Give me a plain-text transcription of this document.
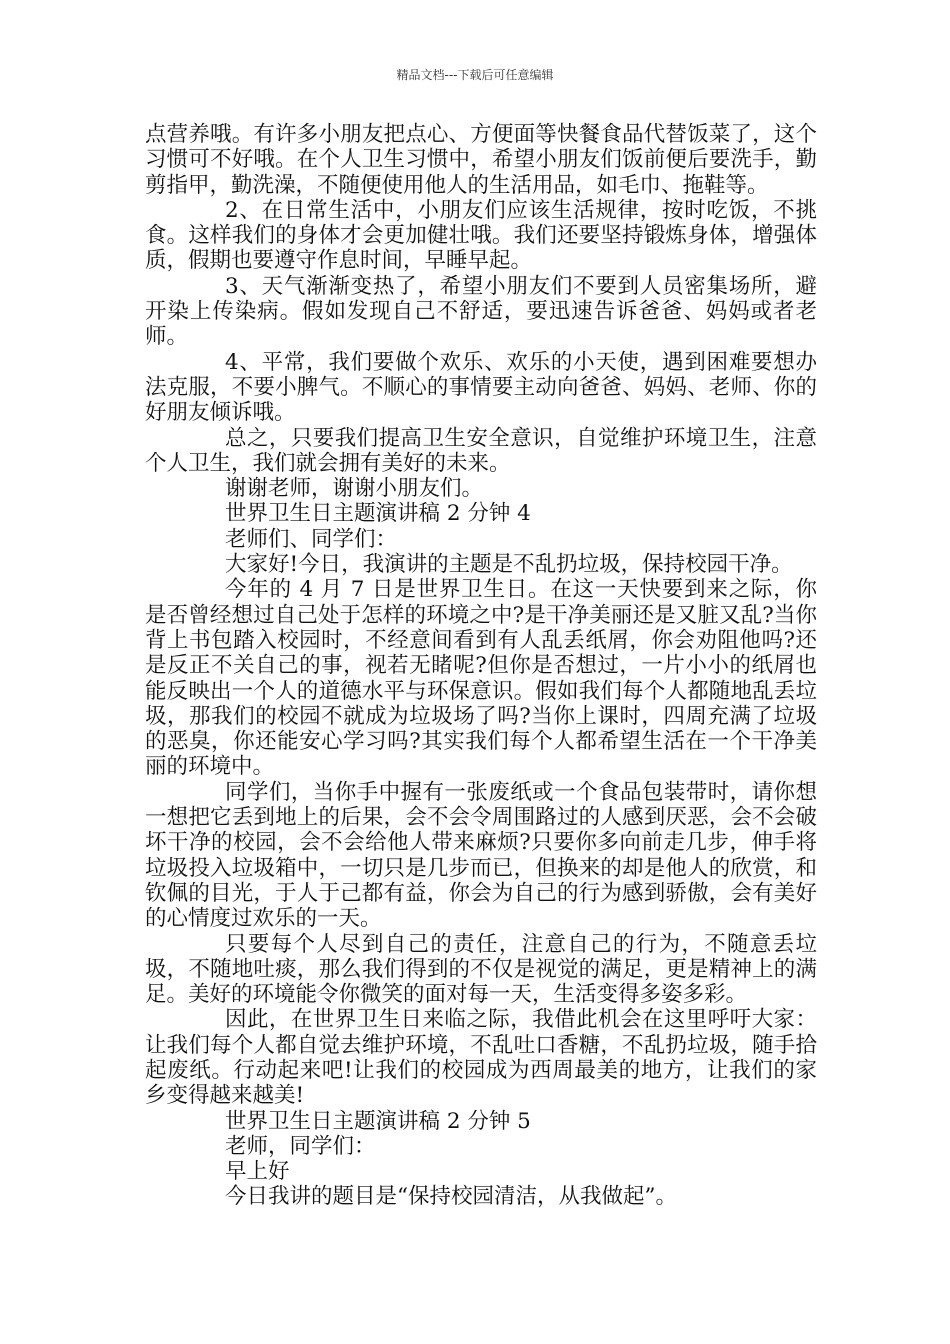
精品文档---下载后可任意编辑

点营养哦。有许多小朋友把点心、方便面等快餐食品代替饭菜了，这个习惯可不好哦。在个人卫生习惯中，希望小朋友们饭前便后要洗手，勤剪指甲，勤洗澡，不随便使用他人的生活用品，如毛巾、拖鞋等。

2、在日常生活中，小朋友们应该生活规律，按时吃饭，不挑食。这样我们的身体才会更加健壮哦。我们还要坚持锻炼身体，增强体质，假期也要遵守作息时间，早睡早起。

3、天气渐渐变热了，希望小朋友们不要到人员密集场所，避开染上传染病。假如发现自己不舒适，要迅速告诉爸爸、妈妈或者老师。

4、平常，我们要做个欢乐、欢乐的小天使，遇到困难要想办法克服，不要小脾气。不顺心的事情要主动向爸爸、妈妈、老师、你的好朋友倾诉哦。

总之，只要我们提高卫生安全意识，自觉维护环境卫生，注意个人卫生，我们就会拥有美好的未来。

谢谢老师，谢谢小朋友们。

世界卫生日主题演讲稿 2 分钟 4

老师们、同学们：

大家好!今日，我演讲的主题是不乱扔垃圾，保持校园干净。

今年的 4 月 7 日是世界卫生日。在这一天快要到来之际，你是否曾经想过自己处于怎样的环境之中?是干净美丽还是又脏又乱?当你背上书包踏入校园时，不经意间看到有人乱丢纸屑，你会劝阻他吗?还是反正不关自己的事，视若无睹呢?但你是否想过，一片小小的纸屑也能反映出一个人的道德水平与环保意识。假如我们每个人都随地乱丢垃圾，那我们的校园不就成为垃圾场了吗?当你上课时，四周充满了垃圾的恶臭，你还能安心学习吗?其实我们每个人都希望生活在一个干净美丽的环境中。

同学们，当你手中握有一张废纸或一个食品包装带时，请你想一想把它丢到地上的后果，会不会令周围路过的人感到厌恶，会不会破坏干净的校园，会不会给他人带来麻烦?只要你多向前走几步，伸手将垃圾投入垃圾箱中，一切只是几步而已，但换来的却是他人的欣赏，和钦佩的目光，于人于己都有益，你会为自己的行为感到骄傲，会有美好的心情度过欢乐的一天。

只要每个人尽到自己的责任，注意自己的行为，不随意丢垃圾，不随地吐痰，那么我们得到的不仅是视觉的满足，更是精神上的满足。美好的环境能令你微笑的面对每一天，生活变得多姿多彩。

因此，在世界卫生日来临之际，我借此机会在这里呼吁大家：让我们每个人都自觉去维护环境，不乱吐口香糖，不乱扔垃圾，随手拾起废纸。行动起来吧!让我们的校园成为西周最美的地方，让我们的家乡变得越来越美!

世界卫生日主题演讲稿 2 分钟 5

老师，同学们：

早上好

今日我讲的题目是“保持校园清洁，从我做起”。
